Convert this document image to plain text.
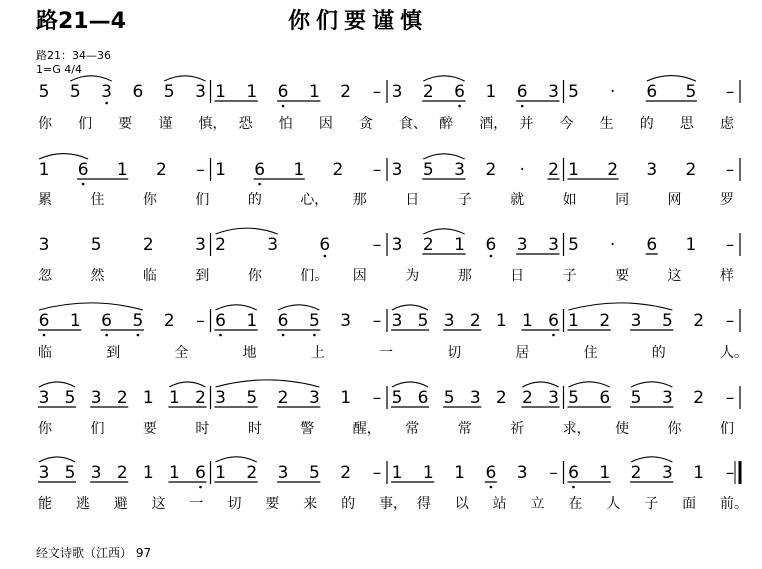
路21—4	你们要谨慎
路21：34—36
1=G 4/4
5 5 3 6 5 3 1 1 6 1 2 – 3 2 6 1 6 3 5 · 6 5 –
你 们 要 谨 慎， 恐 怕 因 贪 食、 醉 酒， 并 今 生 的 思 虑
1 6 1 2 – 1 6 1 2 – 3 5 3 2 · 2 1 2 3 2 –
累	住	你	们	的	心， 那	日	子	就	如	同	网	罗
3 5 2 3 2 3 6	– 3 2 1 6 3 3 5 · 6 1 –
忽	然	临	到	你	们。 因	为	那	日	子	要	这	样
6 1 6 5 2 – 6 1 6 5 3 – 3 5 3 2 1 1 6 1 2 3 5 2 –
临	到	全	地	上	一	切	居	住	的	人。
3 5 3 2 1 1 2 3 5 2 3 1 – 5 6 5 3 2 2 3 5 6 5 3 2 –
你	们	要	时	时	警	醒， 常	常	祈	求， 使	你	们
3 5 3 2 1 1 6 1 2 3 5 2 – 1 1 1 6 3 – 6 1 2 3 1 –
能 逃 避 这 一 切 要 来 的 事， 得 以 站 立 在 人 子 面 前。
经文诗歌（江西） 97
